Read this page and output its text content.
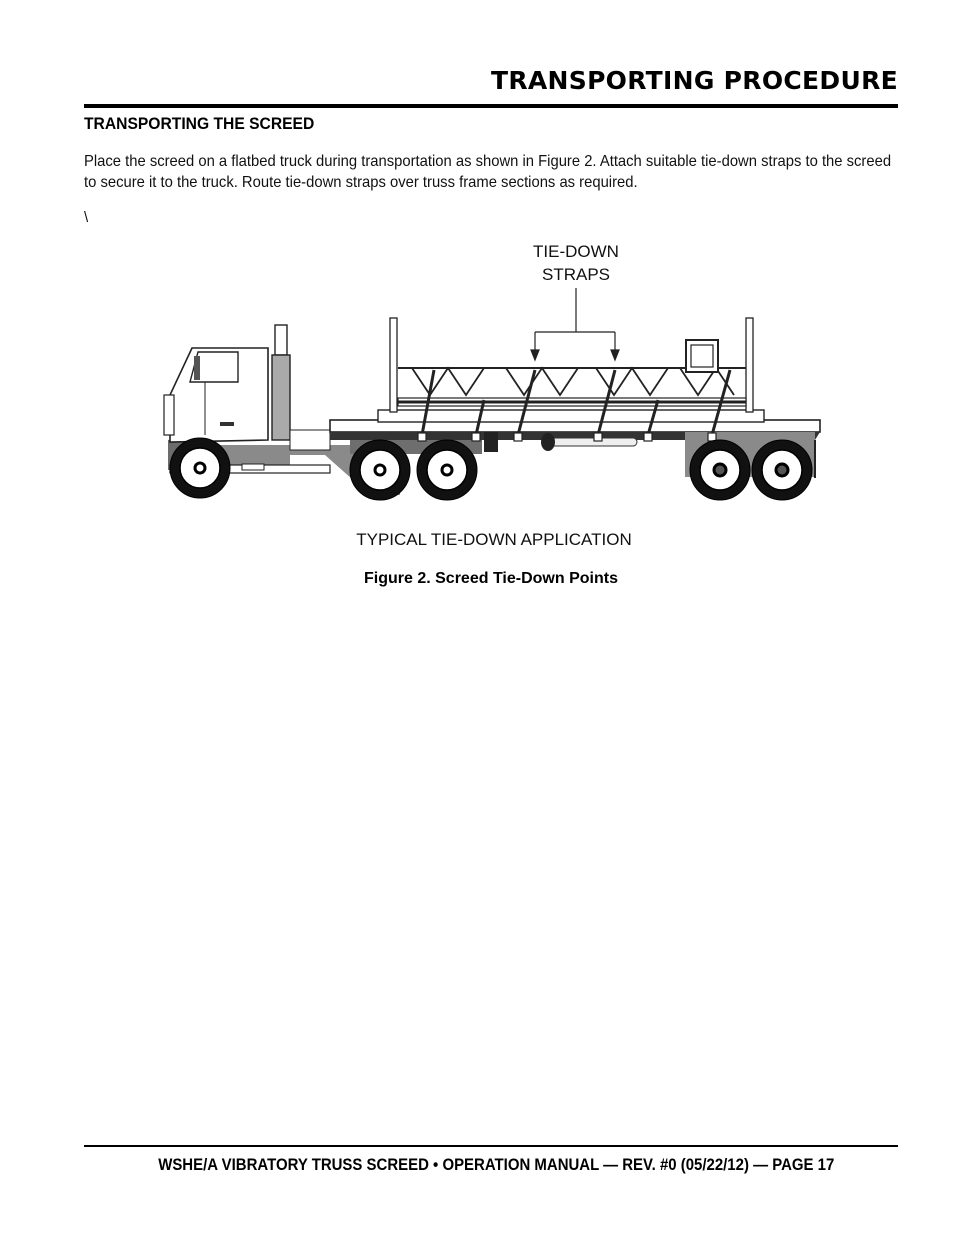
TRANSPORTING PROCEDURE
TRANSPORTING THE SCREED

Place the screed on a flatbed truck during transportation as shown in Figure 2. Attach suitable tie-down straps to the screed to secure it to the truck. Route tie-down straps over truss frame sections as required.

\

TIE-DOWN
STRAPS

TYPICAL TIE-DOWN APPLICATION

Figure 2. Screed Tie-Down Points

WSHE/A VIBRATORY TRUSS SCREED • OPERATION MANUAL — REV. #0 (05/22/12) — PAGE 17
